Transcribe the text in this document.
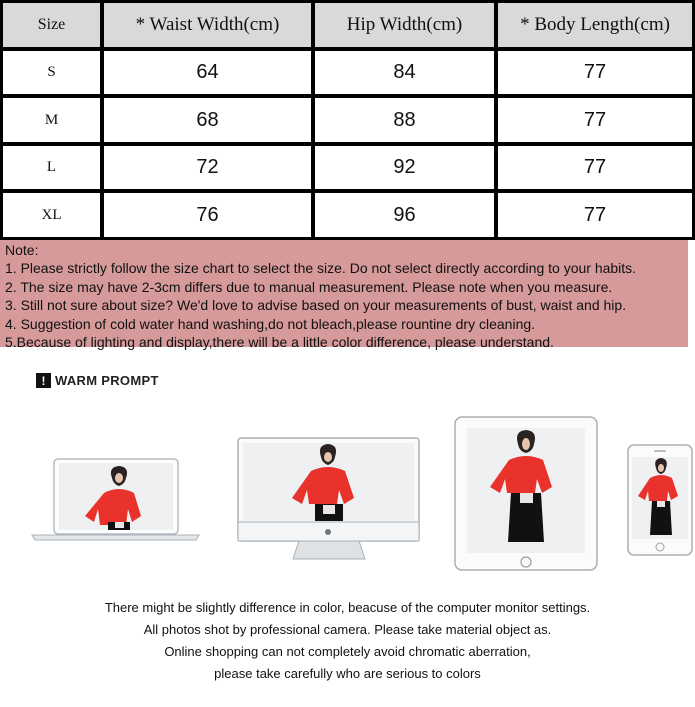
Size	* Waist Width(cm)	Hip Width(cm)	* Body Length(cm)
S	64	84	77
M	68	88	77
L	72	92	77
XL	76	96	77
Note:
1. Please strictly follow the size chart to select the size. Do not select directly according to your habits.
2. The size may have 2-3cm differs due to manual measurement. Please note when you measure.
3. Still not sure about size? We'd love to advise based on your measurements of bust, waist and hip.
4. Suggestion of cold water hand washing,do not bleach,please rountine dry cleaning.
5.Because of lighting and display,there will be a little color difference, please understand.
! WARM PROMPT
There might be slightly difference in color, beacuse of the computer monitor settings.
All photos shot by professional camera. Please take material object as.
Online shopping can not completely avoid chromatic aberration,
please take carefully who are serious to colors
